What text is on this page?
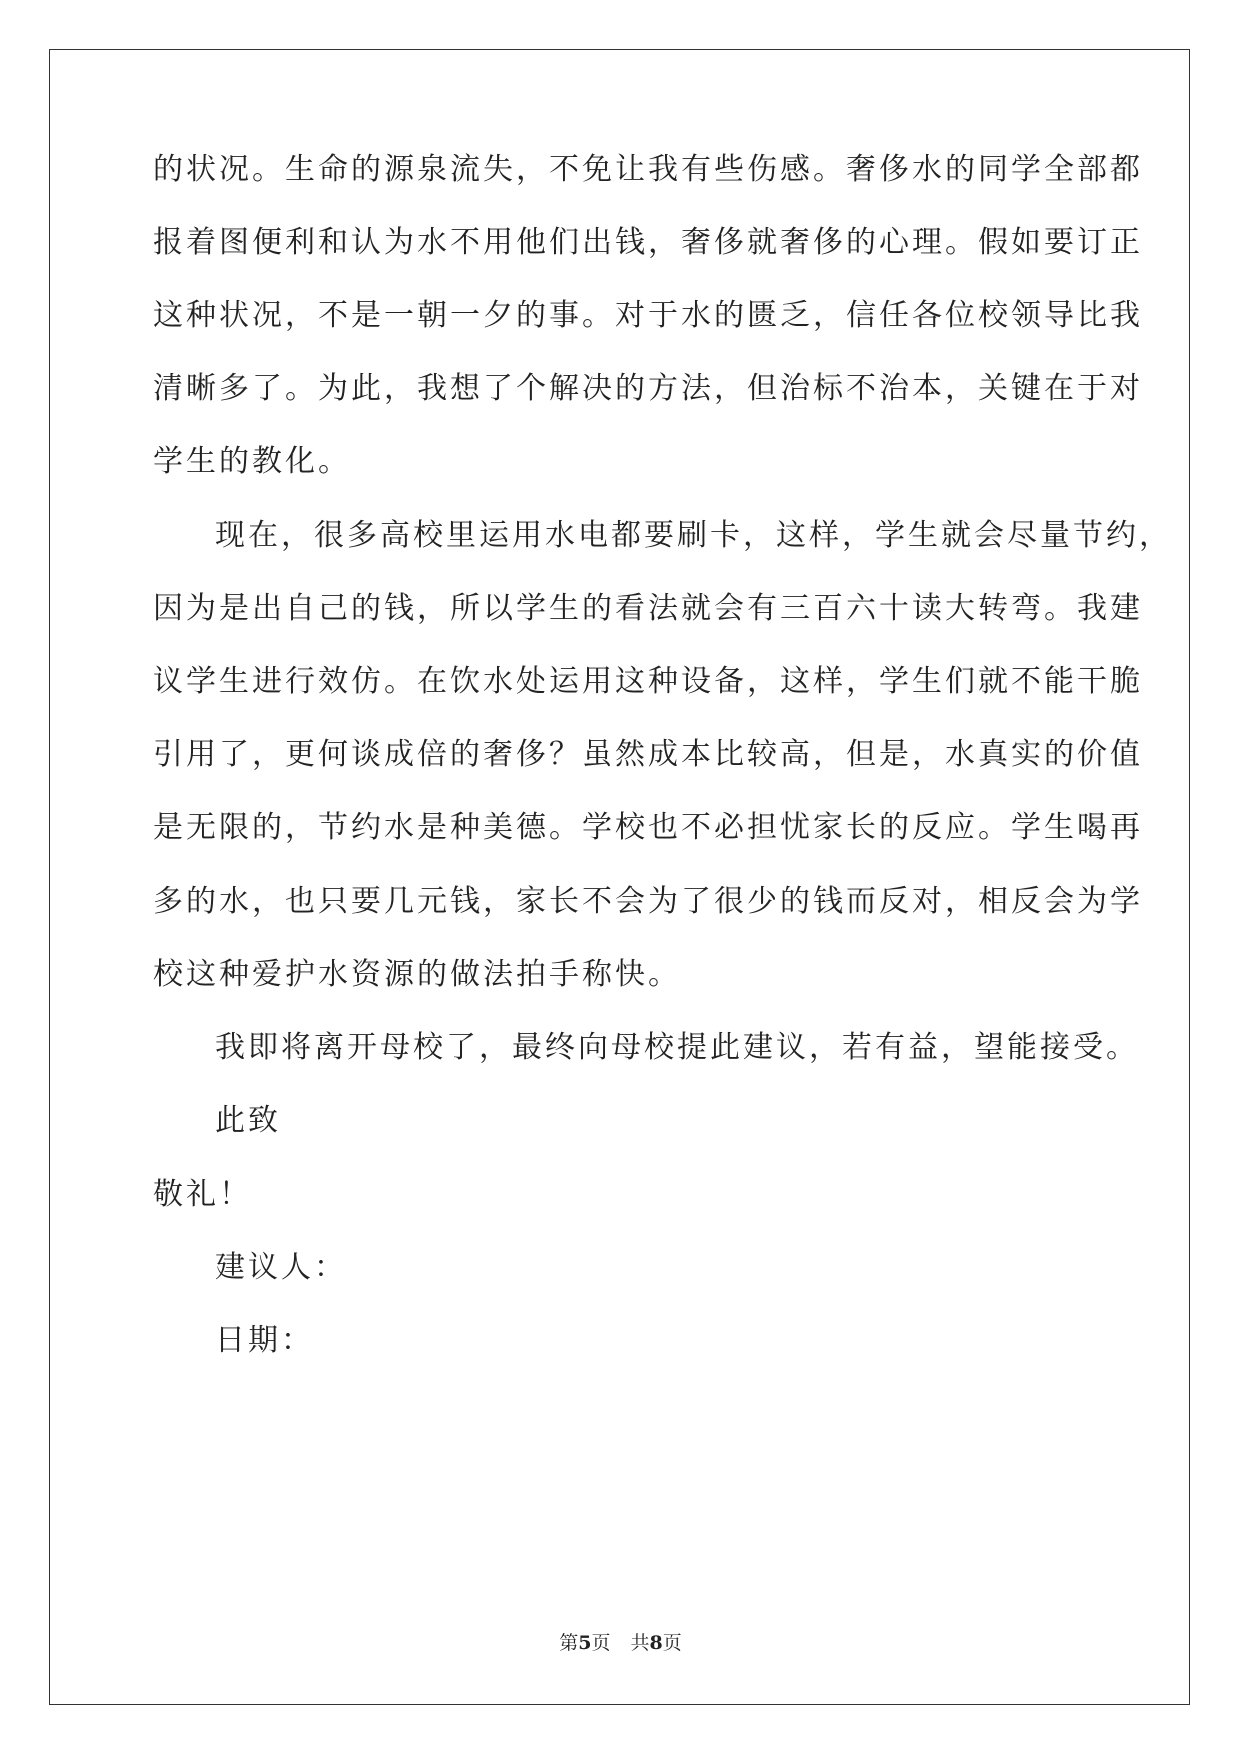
的状况。生命的源泉流失，不免让我有些伤感。奢侈水的同学全部都
报着图便利和认为水不用他们出钱，奢侈就奢侈的心理。假如要订正
这种状况，不是一朝一夕的事。对于水的匮乏，信任各位校领导比我
清晰多了。为此，我想了个解决的方法，但治标不治本，关键在于对
学生的教化。
现在，很多高校里运用水电都要刷卡，这样，学生就会尽量节约，
因为是出自己的钱，所以学生的看法就会有三百六十读大转弯。我建
议学生进行效仿。在饮水处运用这种设备，这样，学生们就不能干脆
引用了，更何谈成倍的奢侈？虽然成本比较高，但是，水真实的价值
是无限的，节约水是种美德。学校也不必担忧家长的反应。学生喝再
多的水，也只要几元钱，家长不会为了很少的钱而反对，相反会为学
校这种爱护水资源的做法拍手称快。
我即将离开母校了，最终向母校提此建议，若有益，望能接受。
此致
敬礼！
建议人：
日期：
第5页 共8页
